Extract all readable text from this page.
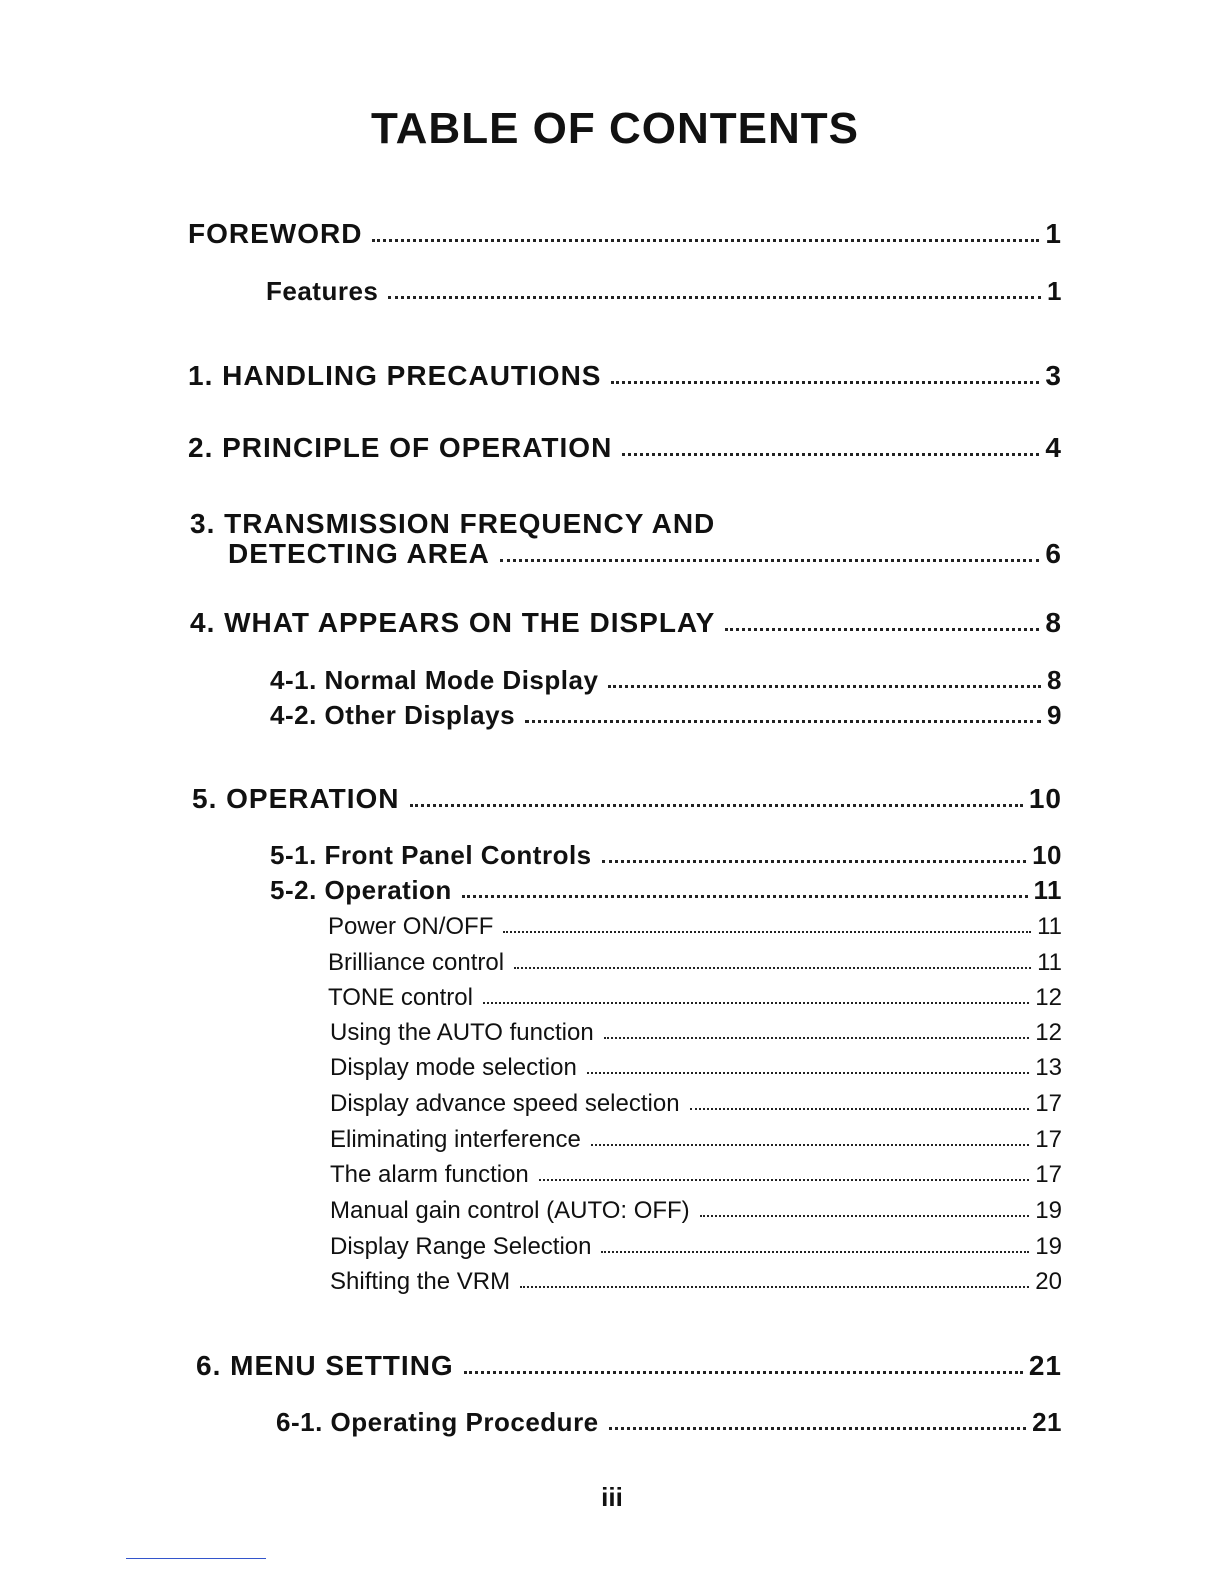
TABLE OF CONTENTS
FOREWORD	1
Features	1
1. HANDLING PRECAUTIONS	3
2. PRINCIPLE OF OPERATION	4
3. TRANSMISSION FREQUENCY AND
DETECTING AREA	6
4. WHAT APPEARS ON THE DISPLAY	8
4-1. Normal Mode Display	8
4-2. Other Displays	9
5. OPERATION	10
5-1. Front Panel Controls	10
5-2. Operation	11
Power ON/OFF	11
Brilliance control	11
TONE control	12
Using the AUTO function	12
Display mode selection	13
Display advance speed selection	17
Eliminating interference	17
The alarm function	17
Manual gain control (AUTO: OFF)	19
Display Range Selection	19
Shifting the VRM	20
6. MENU SETTING	21
6-1. Operating Procedure	21
iii
